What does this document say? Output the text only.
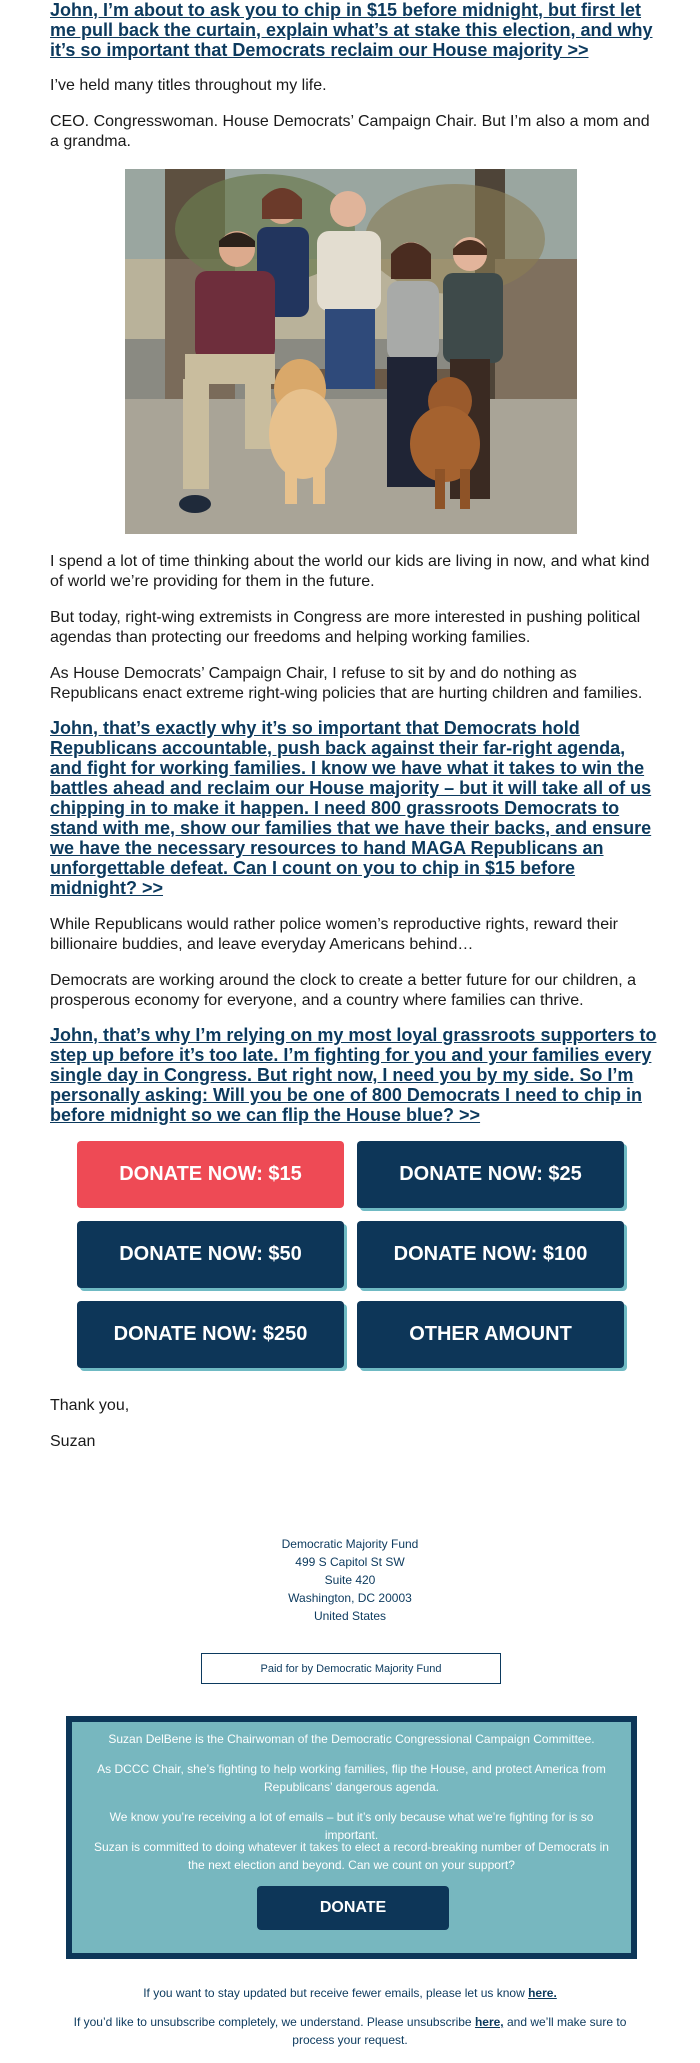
John, I’m about to ask you to chip in $15 before midnight, but first let me pull back the curtain, explain what’s at stake this election, and why it’s so important that Democrats reclaim our House majority >>

I’ve held many titles throughout my life.

CEO. Congresswoman. House Democrats’ Campaign Chair. But I’m also a mom and a grandma.

I spend a lot of time thinking about the world our kids are living in now, and what kind of world we’re providing for them in the future.

But today, right-wing extremists in Congress are more interested in pushing political agendas than protecting our freedoms and helping working families.

As House Democrats’ Campaign Chair, I refuse to sit by and do nothing as Republicans enact extreme right-wing policies that are hurting children and families.

John, that’s exactly why it’s so important that Democrats hold Republicans accountable, push back against their far-right agenda, and fight for working families. I know we have what it takes to win the battles ahead and reclaim our House majority – but it will take all of us chipping in to make it happen. I need 800 grassroots Democrats to stand with me, show our families that we have their backs, and ensure we have the necessary resources to hand MAGA Republicans an unforgettable defeat. Can I count on you to chip in $15 before midnight? >>

While Republicans would rather police women’s reproductive rights, reward their billionaire buddies, and leave everyday Americans behind…

Democrats are working around the clock to create a better future for our children, a prosperous economy for everyone, and a country where families can thrive.

John, that’s why I’m relying on my most loyal grassroots supporters to step up before it’s too late. I’m fighting for you and your families every single day in Congress. But right now, I need you by my side. So I’m personally asking: Will you be one of 800 Democrats I need to chip in before midnight so we can flip the House blue? >>
DONATE NOW: $15	DONATE NOW: $25
DONATE NOW: $50	DONATE NOW: $100
DONATE NOW: $250	OTHER AMOUNT

Thank you,

Suzan

Democratic Majority Fund
499 S Capitol St SW
Suite 420
Washington, DC 20003
United States
Paid for by Democratic Majority Fund

Suzan DelBene is the Chairwoman of the Democratic Congressional Campaign Committee.

As DCCC Chair, she’s fighting to help working families, flip the House, and protect America from Republicans’ dangerous agenda.

We know you’re receiving a lot of emails – but it’s only because what we’re fighting for is so important.

Suzan is committed to doing whatever it takes to elect a record-breaking number of Democrats in the next election and beyond. Can we count on your support?

DONATE
If you want to stay updated but receive fewer emails, please let us know here.
If you’d like to unsubscribe completely, we understand. Please unsubscribe here, and we’ll make sure to process your request.
